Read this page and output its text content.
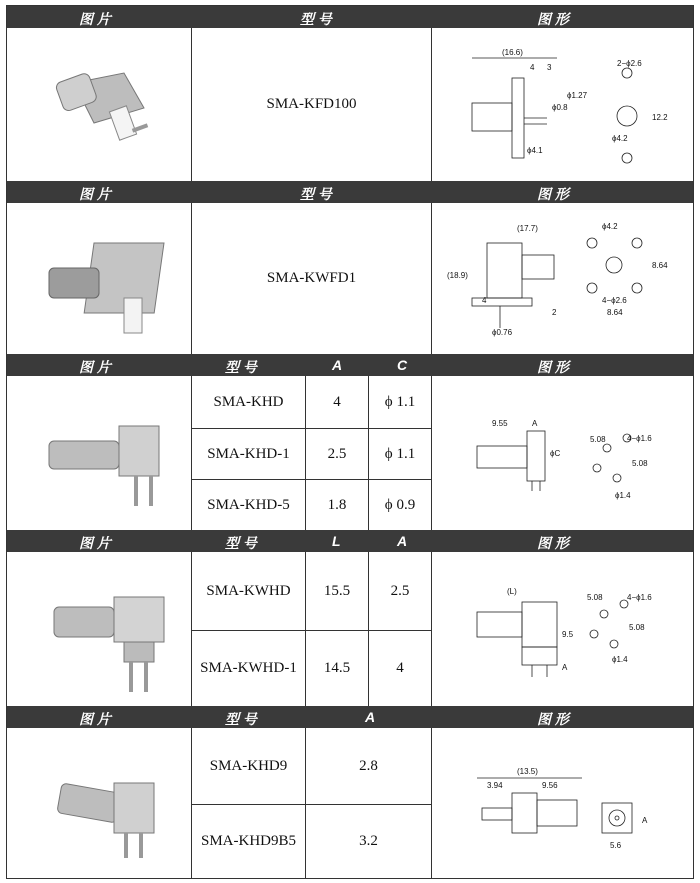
图 片	型 号	图 形
SMA-KFD100
(16.6)
4 3	2−ϕ2.6
ϕ0.8
ϕ1.27
ϕ4.1
ϕ4.2
12.2
图 片	型 号	图 形
SMA-KWFD1
(17.7)
(18.9)
4
2
ϕ0.76
ϕ4.2
8.64
8.64
4−ϕ2.6
图 片	型 号	A	C	图 形
SMA-KHD	4	ϕ 1.1
SMA-KHD-1	2.5	ϕ 1.1
SMA-KHD-5	1.8	ϕ 0.9
9.55	A
ϕC
5.08
5.08
4−ϕ1.6
ϕ1.4
图 片	型 号	L	A	图 形
SMA-KWHD	15.5	2.5
SMA-KWHD-1	14.5	4
(L)
9.5
A
5.08
5.08
4−ϕ1.6
ϕ1.4
图 片	型 号	A	图 形
SMA-KHD9	2.8
SMA-KHD9B5	3.2
(13.5)
3.94	9.56
A
5.6
